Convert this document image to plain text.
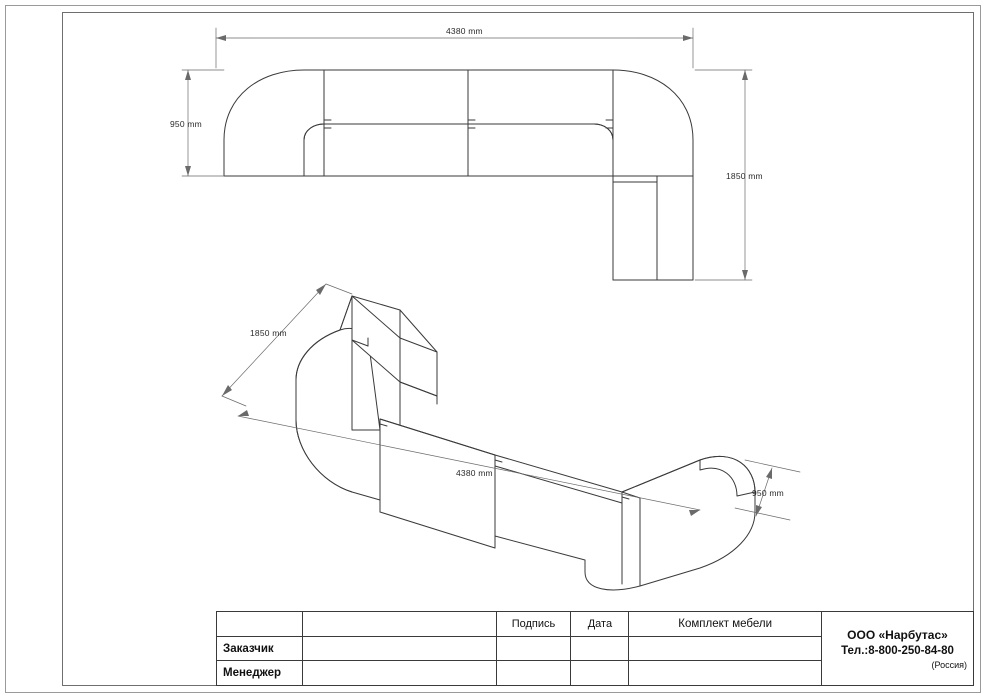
4380 mm
950 mm
1850 mm
1850 mm
4380 mm
950 mm
Подпись	Дата	Комплект мебели
Заказчик
Менеджер
ООО «Нарбутас»
Тел.:8-800-250-84-80
(Россия)
